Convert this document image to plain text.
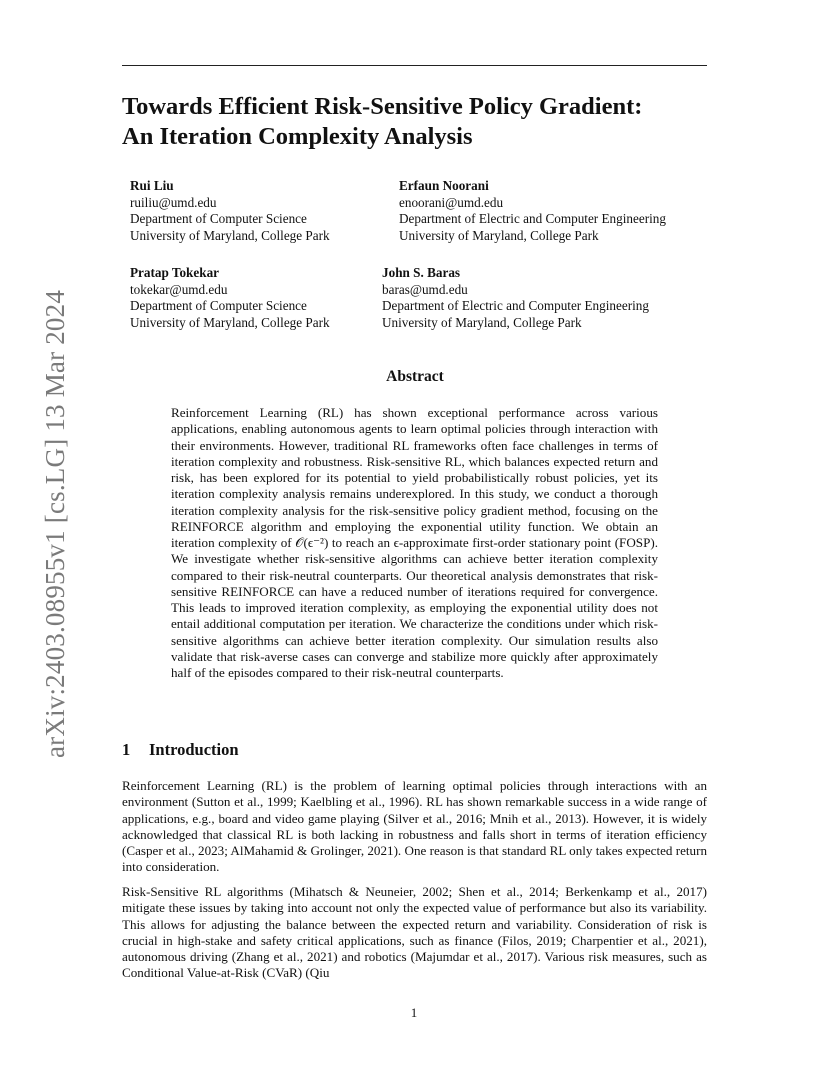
arXiv:2403.08955v1 [cs.LG] 13 Mar 2024
Towards Efficient Risk-Sensitive Policy Gradient:
An Iteration Complexity Analysis
Rui Liu
ruiliu@umd.edu
Department of Computer Science
University of Maryland, College Park
Erfaun Noorani
enoorani@umd.edu
Department of Electric and Computer Engineering
University of Maryland, College Park
Pratap Tokekar
tokekar@umd.edu
Department of Computer Science
University of Maryland, College Park
John S. Baras
baras@umd.edu
Department of Electric and Computer Engineering
University of Maryland, College Park
Abstract

Reinforcement Learning (RL) has shown exceptional performance across various applications, enabling autonomous agents to learn optimal policies through interaction with their environments. However, traditional RL frameworks often face challenges in terms of iteration complexity and robustness. Risk-sensitive RL, which balances expected return and risk, has been explored for its potential to yield probabilistically robust policies, yet its iteration complexity analysis remains underexplored. In this study, we conduct a thorough iteration complexity analysis for the risk-sensitive policy gradient method, focusing on the REINFORCE algorithm and employing the exponential utility function. We obtain an iteration complexity of 𝒪(ϵ⁻²) to reach an ϵ-approximate first-order stationary point (FOSP). We investigate whether risk-sensitive algorithms can achieve better iteration complexity compared to their risk-neutral counterparts. Our theoretical analysis demonstrates that risk-sensitive REINFORCE can have a reduced number of iterations required for convergence. This leads to improved iteration complexity, as employing the exponential utility does not entail additional computation per iteration. We characterize the conditions under which risk-sensitive algorithms can achieve better iteration complexity. Our simulation results also validate that risk-averse cases can converge and stabilize more quickly after approximately half of the episodes compared to their risk-neutral counterparts.

1 Introduction

Reinforcement Learning (RL) is the problem of learning optimal policies through interactions with an environment (Sutton et al., 1999; Kaelbling et al., 1996). RL has shown remarkable success in a wide range of applications, e.g., board and video game playing (Silver et al., 2016; Mnih et al., 2013). However, it is widely acknowledged that classical RL is both lacking in robustness and falls short in terms of iteration efficiency (Casper et al., 2023; AlMahamid & Grolinger, 2021). One reason is that standard RL only takes expected return into consideration.

Risk-Sensitive RL algorithms (Mihatsch & Neuneier, 2002; Shen et al., 2014; Berkenkamp et al., 2017) mitigate these issues by taking into account not only the expected value of performance but also its variability. This allows for adjusting the balance between the expected return and variability. Consideration of risk is crucial in high-stake and safety critical applications, such as finance (Filos, 2019; Charpentier et al., 2021), autonomous driving (Zhang et al., 2021) and robotics (Majumdar et al., 2017). Various risk measures, such as Conditional Value-at-Risk (CVaR) (Qiu

1
